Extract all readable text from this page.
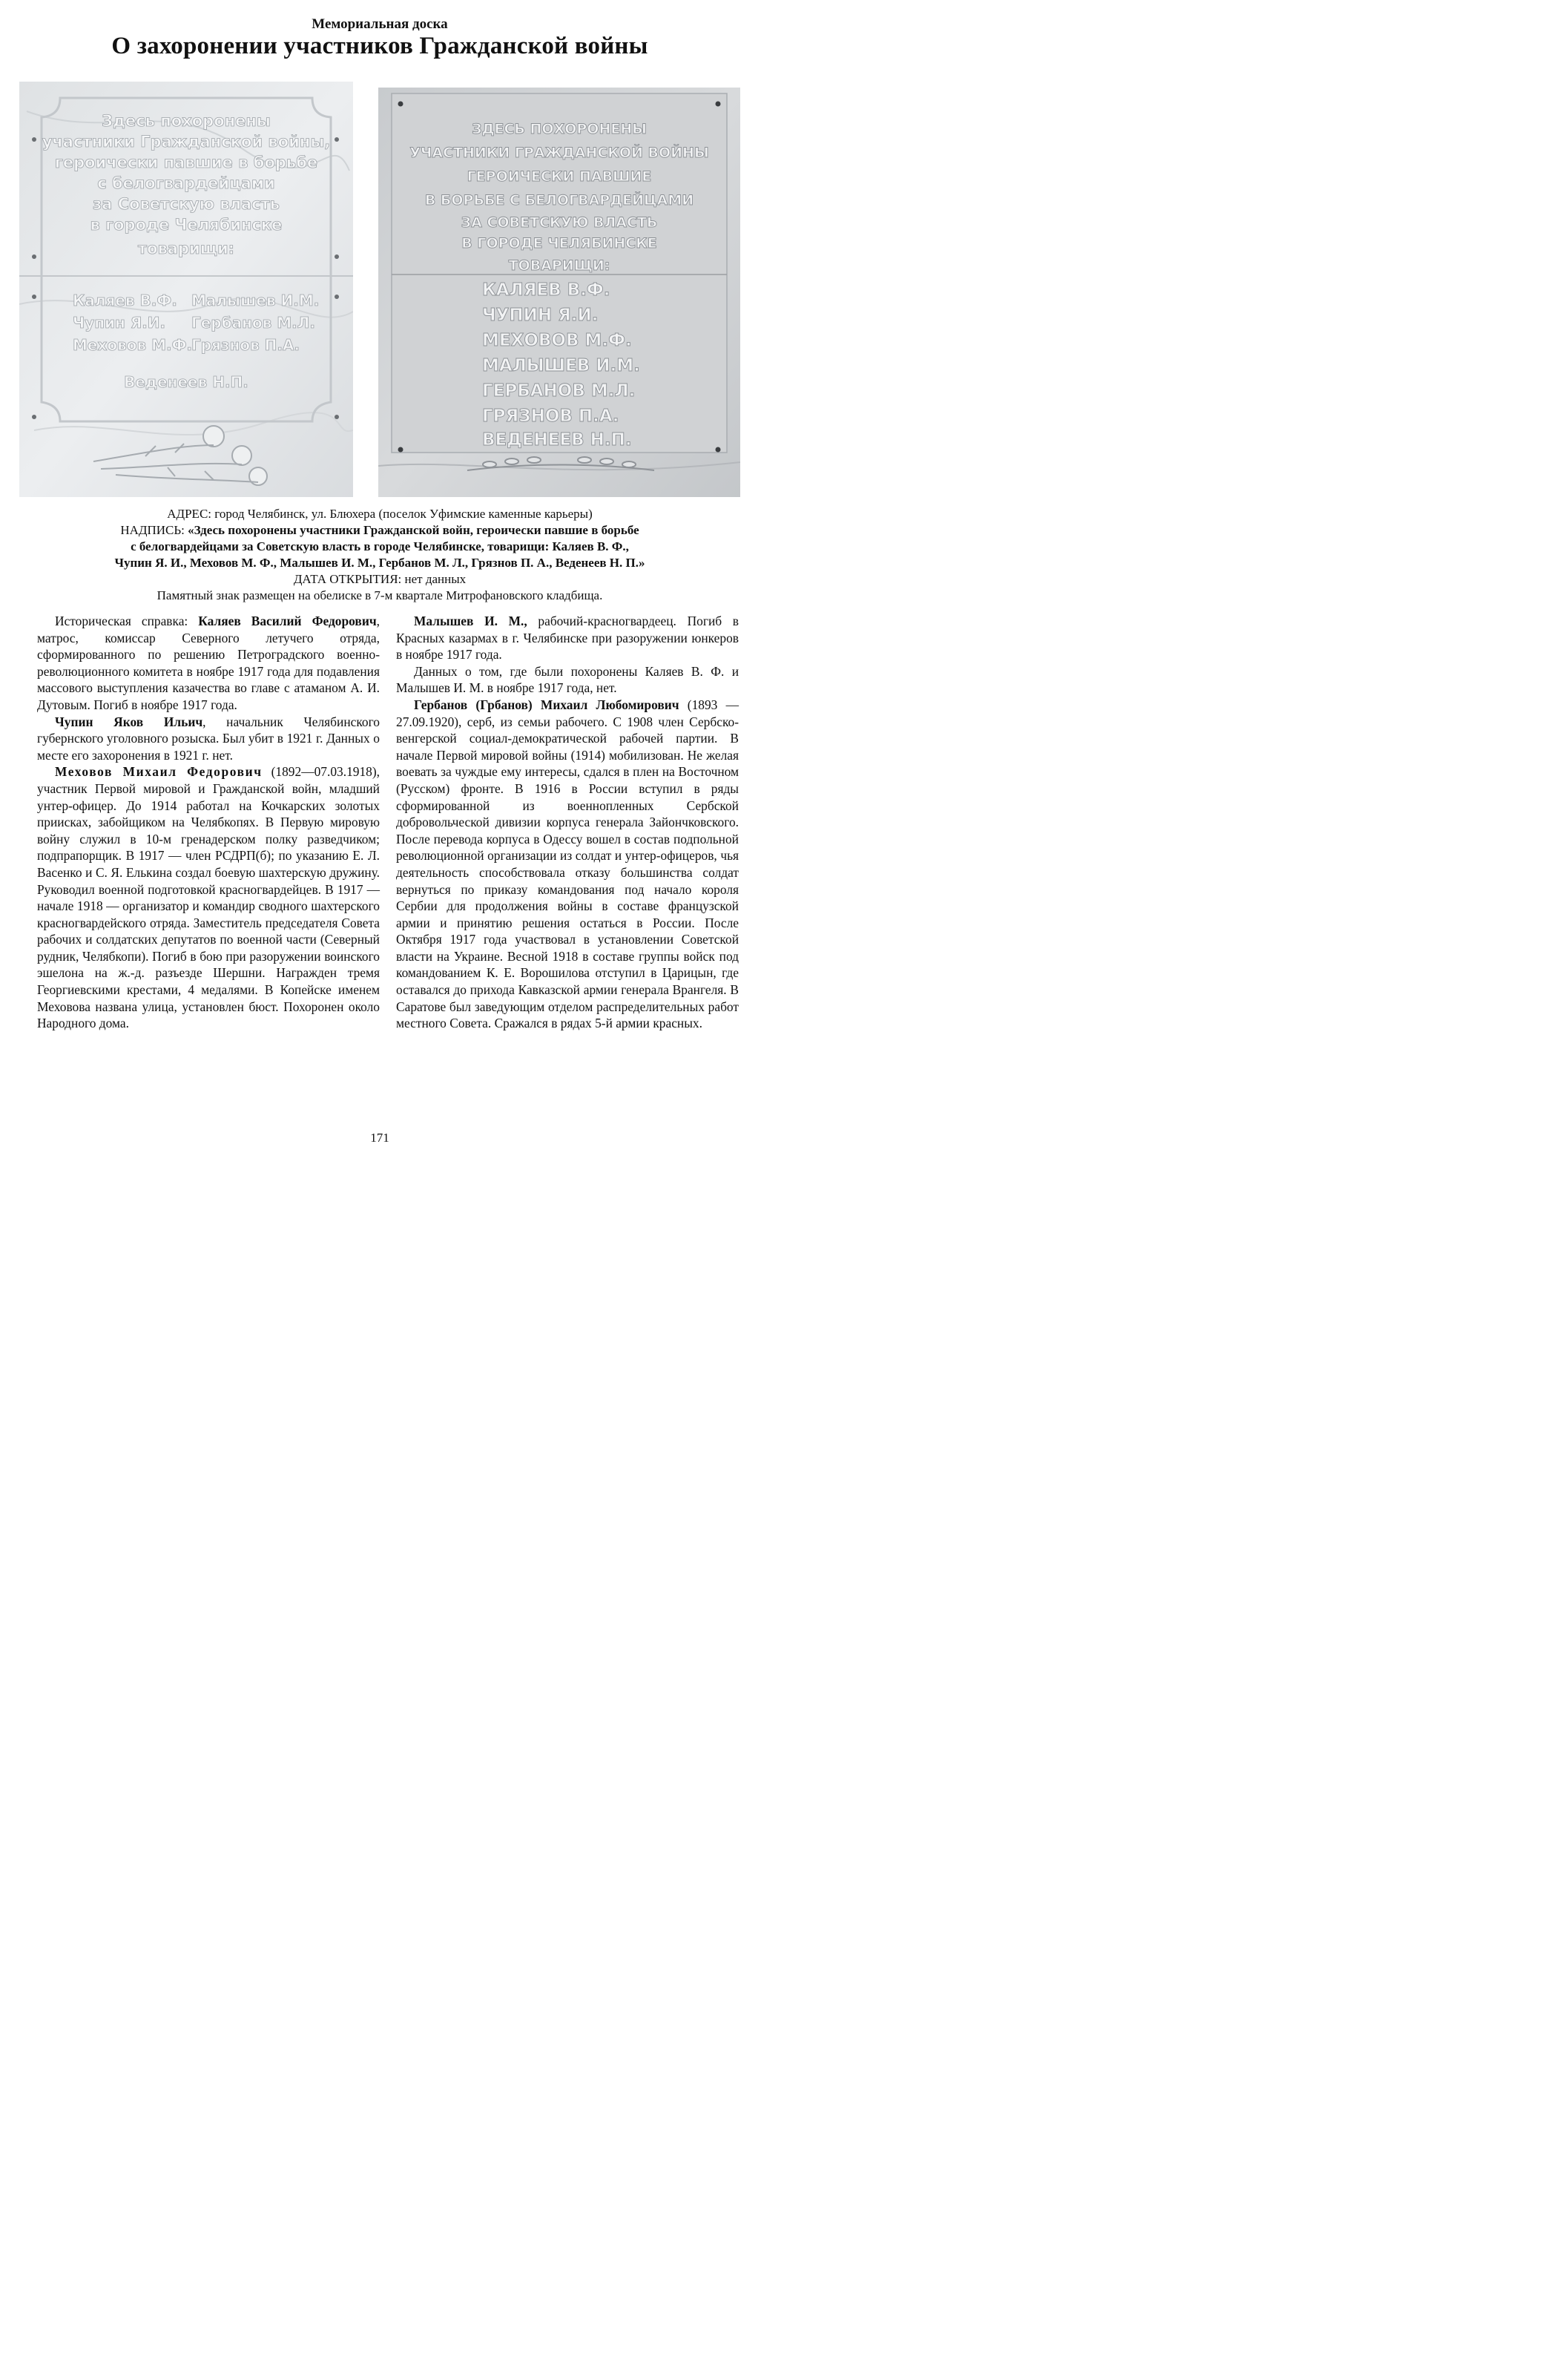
Мемориальная доска
О захоронении участников Гражданской войны
Здесь похоронены
участники Гражданской войны,
героически павшие в борьбе
с белогвардейцами
за Советскую власть
в городе Челябинске
товарищи:
Каляев В.Ф. Малышев И.М.
Чупин Я.И. Гербанов М.Л.
Меховов М.Ф.
Грязнов П.А.
Веденеев Н.П.
ЗДЕСЬ ПОХОРОНЕНЫ
УЧАСТНИКИ ГРАЖДАНСКОЙ ВОЙНЫ
ГЕРОИЧЕСКИ ПАВШИЕ
В БОРЬБЕ С БЕЛОГВАРДЕЙЦАМИ
ЗА СОВЕТСКУЮ ВЛАСТЬ
В ГОРОДЕ ЧЕЛЯБИНСКЕ
ТОВАРИЩИ:
КАЛЯЕВ В.Ф.
ЧУПИН Я.И.
МЕХОВОВ М.Ф.
МАЛЫШЕВ И.М.
ГЕРБАНОВ М.Л.
ГРЯЗНОВ П.А.
ВЕДЕНЕЕВ Н.П.
АДРЕС: город Челябинск, ул. Блюхера (поселок Уфимские каменные карьеры)
НАДПИСЬ: «Здесь похоронены участники Гражданской войн, героически павшие в борьбе
с белогвардейцами за Советскую власть в городе Челябинске, товарищи: Каляев В. Ф.,
Чупин Я. И., Меховов М. Ф., Малышев И. М., Гербанов М. Л., Грязнов П. А., Веденеев Н. П.»
ДАТА ОТКРЫТИЯ: нет данных
Памятный знак размещен на обелиске в 7-м квартале Митрофановского кладбища.

Историческая справка: Каляев Василий Федорович, матрос, комиссар Северного летучего отряда, сформированного по решению Петроградского военно-революционного комитета в ноябре 1917 года для подавления массового выступления казачества во главе с атаманом А. И. Дутовым. Погиб в ноябре 1917 года.

Чупин Яков Ильич, начальник Челябинского губернского уголовного розыска. Был убит в 1921 г. Данных о месте его захоронения в 1921 г. нет.

Меховов Михаил Федорович (1892—07.03.1918), участник Первой мировой и Гражданской войн, младший унтер-офицер. До 1914 работал на Кочкарских золотых приисках, забойщиком на Челябкопях. В Первую мировую войну служил в 10-м гренадерском полку разведчиком; подпрапорщик. В 1917 — член РСДРП(б); по указанию Е. Л. Васенко и С. Я. Елькина создал боевую шахтерскую дружину. Руководил военной подготовкой красногвардейцев. В 1917 — начале 1918 — организатор и командир сводного шахтерского красногвардейского отряда. Заместитель председателя Совета рабочих и солдатских депутатов по военной части (Северный рудник, Челябкопи). Погиб в бою при разоружении воинского эшелона на ж.-д. разъезде Шершни. Награжден тремя Георгиевскими крестами, 4 медалями. В Копейске именем Меховова названа улица, установлен бюст. Похоронен около Народного дома.

Малышев И. М., рабочий-красногвардеец. Погиб в Красных казармах в г. Челябинске при разоружении юнкеров в ноябре 1917 года.

Данных о том, где были похоронены Каляев В. Ф. и Малышев И. М. в ноябре 1917 года, нет.

Гербанов (Грбанов) Михаил Любомирович (1893 — 27.09.1920), серб, из семьи рабочего. С 1908 член Сербско-венгерской социал-демократической рабочей партии. В начале Первой мировой войны (1914) мобилизован. Не желая воевать за чуждые ему интересы, сдался в плен на Восточном (Русском) фронте. В 1916 в России вступил в ряды сформированной из военнопленных Сербской добровольческой дивизии корпуса генерала Зайончковского. После перевода корпуса в Одессу вошел в состав подпольной революционной организации из солдат и унтер-офицеров, чья деятельность способствовала отказу большинства солдат вернуться по приказу командования под начало короля Сербии для продолжения войны в составе французской армии и принятию решения остаться в России. После Октября 1917 года участвовал в установлении Советской власти на Украине. Весной 1918 в составе группы войск под командованием К. Е. Ворошилова отступил в Царицын, где оставался до прихода Кавказской армии генерала Врангеля. В Саратове был заведующим отделом распределительных работ местного Совета. Сражался в рядах 5-й армии красных.

171
